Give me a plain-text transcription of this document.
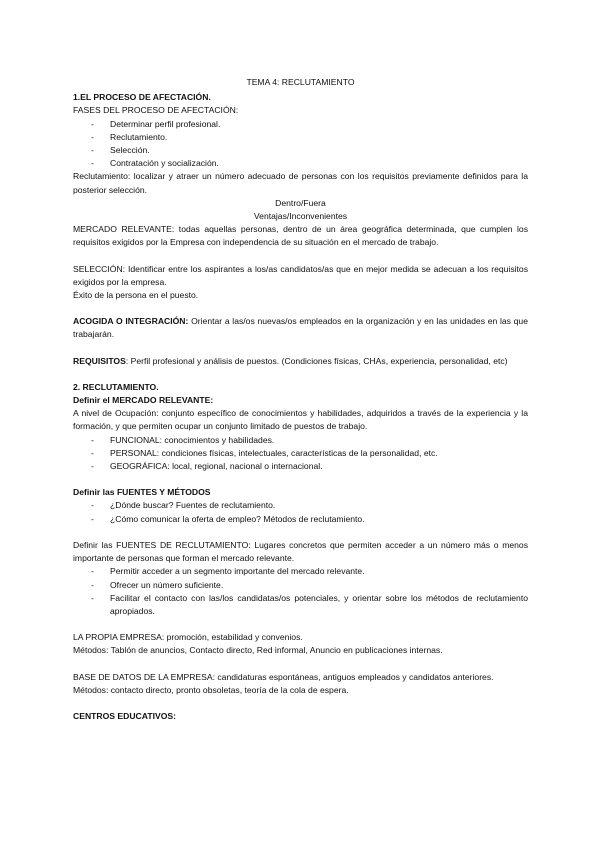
TEMA 4: RECLUTAMIENTO
1.EL PROCESO DE AFECTACIÓN.
FASES DEL PROCESO DE AFECTACIÓN:
- Determinar perfil profesional.
- Reclutamiento.
- Selección.
- Contratación y socialización.
Reclutamiento: localizar y atraer un número adecuado de personas con los requisitos previamente definidos para la posterior selección.
Dentro/Fuera
Ventajas/Inconvenientes
MERCADO RELEVANTE: todas aquellas personas, dentro de un área geográfica determinada, que cumplen los requisitos exigidos por la Empresa con independencia de su situación en el mercado de trabajo.
SELECCIÓN: Identificar entre los aspirantes a los/as candidatos/as que en mejor medida se adecuan a los requisitos exigidos por la empresa.
Éxito de la persona en el puesto.
ACOGIDA O INTEGRACIÓN: Orientar a las/os nuevas/os empleados en la organización y en las unidades en las que trabajarán.
REQUISITOS: Perfil profesional y análisis de puestos. (Condiciones físicas, CHAs, experiencia, personalidad, etc)
2. RECLUTAMIENTO.
Definir el MERCADO RELEVANTE:
A nivel de Ocupación: conjunto específico de conocimientos y habilidades, adquiridos a través de la experiencia y la formación, y que permiten ocupar un conjunto limitado de puestos de trabajo.
- FUNCIONAL: conocimientos y habilidades.
- PERSONAL: condiciones físicas, intelectuales, características de la personalidad, etc.
- GEOGRÁFICA: local, regional, nacional o internacional.
Definir las FUENTES Y MÉTODOS
- ¿Dónde buscar? Fuentes de reclutamiento.
- ¿Cómo comunicar la oferta de empleo? Métodos de reclutamiento.
Definir las FUENTES DE RECLUTAMIENTO: Lugares concretos que permiten acceder a un número más o menos importante de personas que forman el mercado relevante.
- Permitir acceder a un segmento importante del mercado relevante.
- Ofrecer un número suficiente.
- Facilitar el contacto con las/los candidatas/os potenciales, y orientar sobre los métodos de reclutamiento apropiados.
LA PROPIA EMPRESA: promoción, estabilidad y convenios.
Métodos: Tablón de anuncios, Contacto directo, Red informal, Anuncio en publicaciones internas.
BASE DE DATOS DE LA EMPRESA: candidaturas espontáneas, antiguos empleados y candidatos anteriores.
Métodos: contacto directo, pronto obsoletas, teoría de la cola de espera.
CENTROS EDUCATIVOS:
